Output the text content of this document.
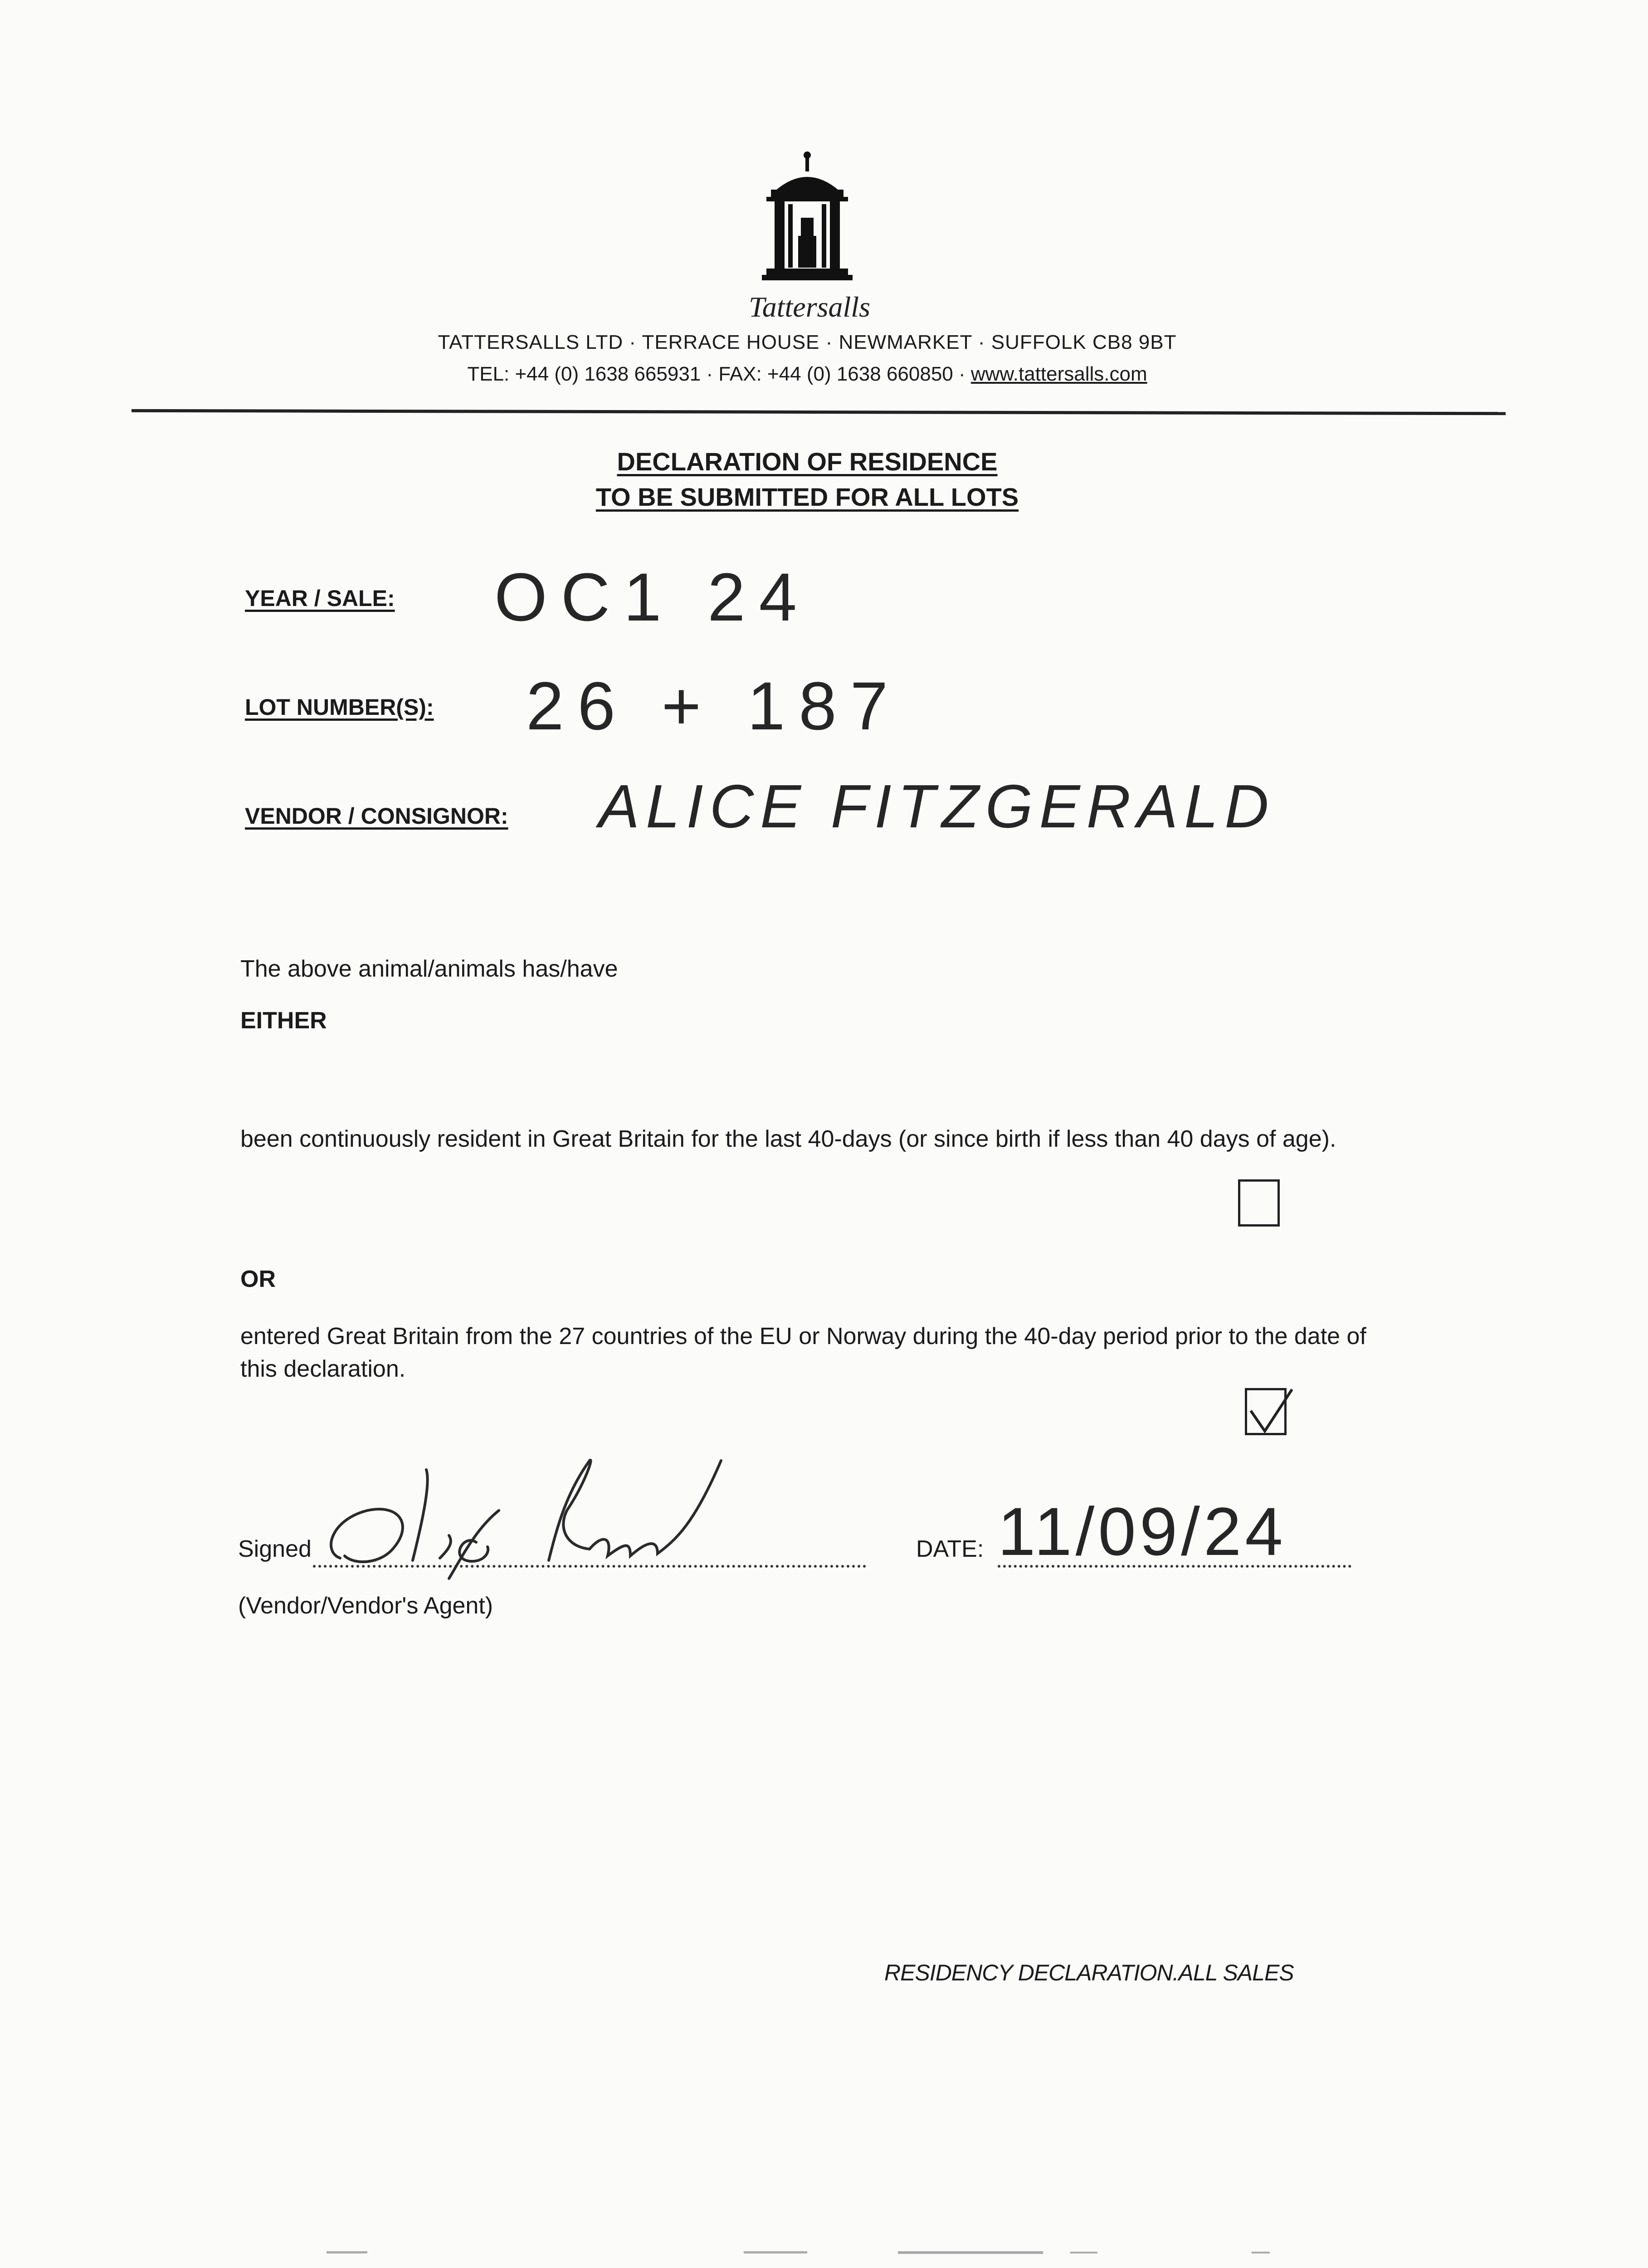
Tattersalls
TATTERSALLS LTD · TERRACE HOUSE · NEWMARKET · SUFFOLK CB8 9BT
TEL: +44 (0) 1638 665931 · FAX: +44 (0) 1638 660850 · www.tattersalls.com
DECLARATION OF RESIDENCE
TO BE SUBMITTED FOR ALL LOTS
YEAR / SALE: OC1 24
LOT NUMBER(S): 26 + 187
VENDOR / CONSIGNOR: ALICE FITZGERALD
The above animal/animals has/have
EITHER
been continuously resident in Great Britain for the last 40-days (or since birth if less than 40 days of age).
OR
entered Great Britain from the 27 countries of the EU or Norway during the 40-day period prior to the date of this declaration.
Signed
(Vendor/Vendor's Agent)
DATE: 11/09/24
RESIDENCY DECLARATION.ALL SALES
